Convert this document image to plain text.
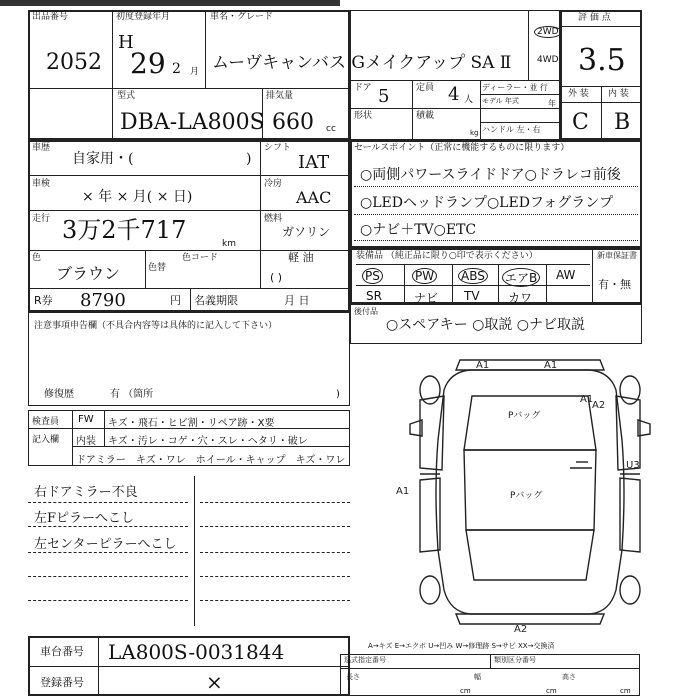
出品番号
2052
初度登録年月
H
29 2 月
車名・グレード
ムーヴキャンバス Gメイクアップ SA Ⅱ
型式
DBA-LA800S
排気量
660 cc
2WD
4WD
ドア 5	定員 4 人
ディーラー・並 行
モデル 年式	年
形状	積載
kg ハンドル 左・右
評 価 点
3.5
外 装 内 装
C B
車歴
自家用・(	)
シフト
IAT
車検
× 年 × 月( × 日)
冷房
AAC
走行 3万2千717	km
燃料
ガソリン
軽 油
( )
色
ブラウン	色替
色コード
R券 8790	円 名義期限	月 日
セールスポイント（正常に機能するものに限ります）
○両側パワースライドドア○ドラレコ前後
○LEDヘッドランプ○LEDフォグランプ
○ナビ＋TV○ETC
装備品 （純正品に限り○印で表示ください）	新車保証書
PS	PW ABS エアB AW
SR	ナビ TV カワ
有・無
後付品
○スペアキー ○取説 ○ナビ取説
注意事項申告欄（不具合内容等は具体的に記入して下さい）
修復歴	有 （箇所	)
検査員
記入欄
FW キズ・飛石・ヒビ割・リペア跡・X要
内装 キズ・汚レ・コゲ・穴・スレ・ヘタリ・破レ
ドアミラー キズ・ワレ　ホイール・キャップ　キズ・ワレ
右ドアミラー不良
左Fピラーへこし
左センターピラーへこし
A1	A1
A2
A1
U3
A1
A2
Pバッグ
Pバッグ
A→キズ E→エクボ U→凹み W→修理跡 S→サビ XX→交換済
車台番号 LA800S-0031844
登録番号	×
巡式指定番号	類別区分番号
長さ
cm
幅
cm
高さ
cm
